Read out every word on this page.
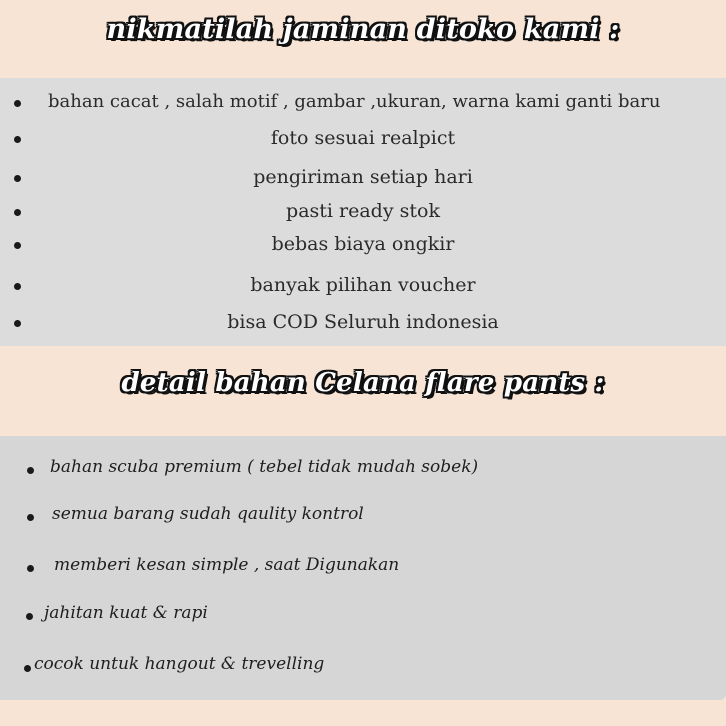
nikmatilah jaminan ditoko kami :
bahan cacat , salah motif , gambar ,ukuran, warna kami ganti baru
foto sesuai realpict
pengiriman setiap hari
pasti ready stok
bebas biaya ongkir
banyak pilihan voucher
bisa COD Seluruh indonesia
detail bahan Celana flare pants :
bahan scuba premium ( tebel tidak mudah sobek)
semua barang sudah qaulity kontrol
memberi kesan simple , saat Digunakan
jahitan kuat & rapi
cocok untuk hangout & trevelling
